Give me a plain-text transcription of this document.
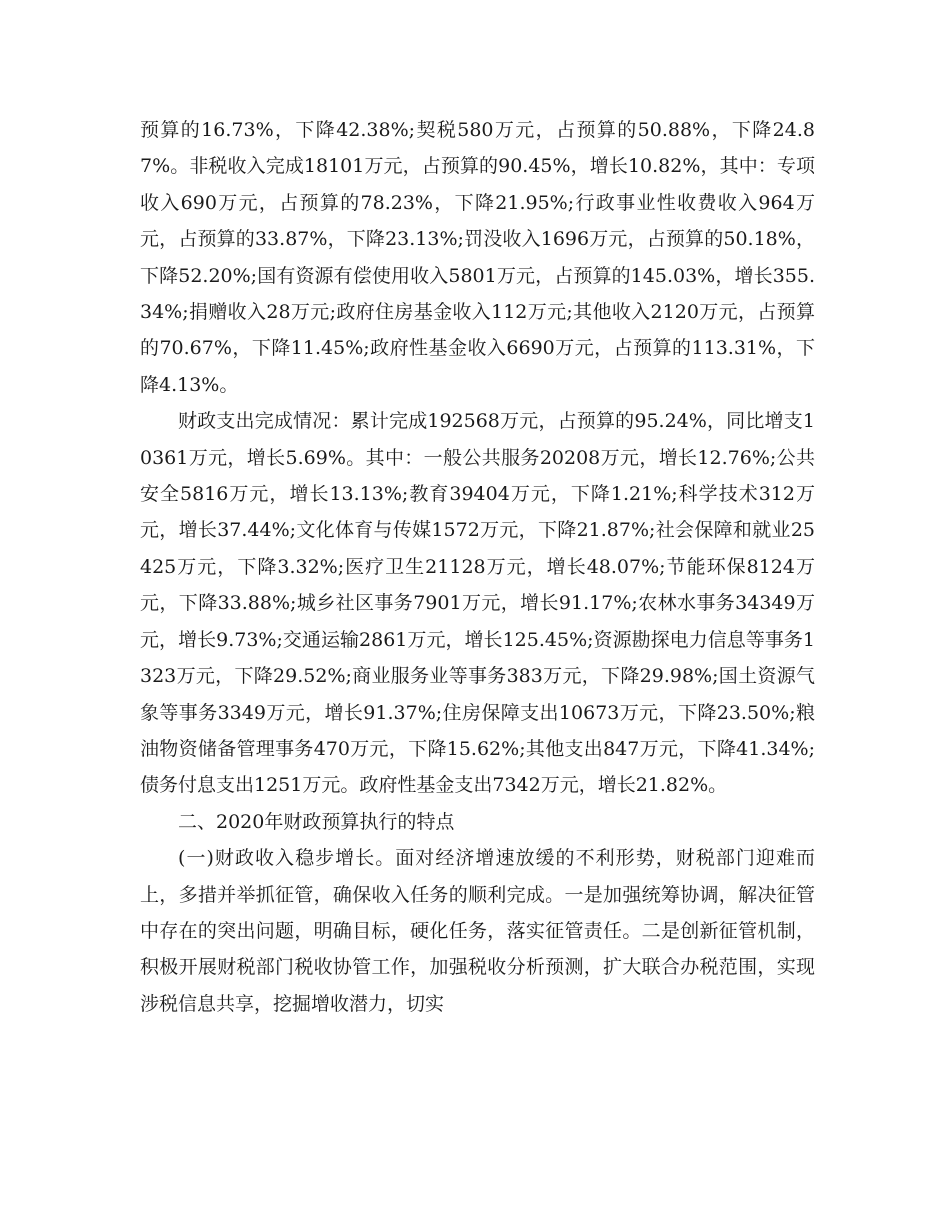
预算的16.73%，下降42.38%;契税580万元，占预算的50.88%，下降24.87%。非税收入完成18101万元，占预算的90.45%，增长10.82%，其中：专项收入690万元，占预算的78.23%，下降21.95%;行政事业性收费收入964万元，占预算的33.87%，下降23.13%;罚没收入1696万元，占预算的50.18%，下降52.20%;国有资源有偿使用收入5801万元，占预算的145.03%，增长355.34%;捐赠收入28万元;政府住房基金收入112万元;其他收入2120万元，占预算的70.67%，下降11.45%;政府性基金收入6690万元，占预算的113.31%，下降4.13%。

财政支出完成情况：累计完成192568万元，占预算的95.24%，同比增支10361万元，增长5.69%。其中：一般公共服务20208万元，增长12.76%;公共安全5816万元，增长13.13%;教育39404万元，下降1.21%;科学技术312万元，增长37.44%;文化体育与传媒1572万元，下降21.87%;社会保障和就业25425万元，下降3.32%;医疗卫生21128万元，增长48.07%;节能环保8124万元，下降33.88%;城乡社区事务7901万元，增长91.17%;农林水事务34349万元，增长9.73%;交通运输2861万元，增长125.45%;资源勘探电力信息等事务1323万元，下降29.52%;商业服务业等事务383万元，下降29.98%;国土资源气象等事务3349万元，增长91.37%;住房保障支出10673万元，下降23.50%;粮油物资储备管理事务470万元，下降15.62%;其他支出847万元，下降41.34%;债务付息支出1251万元。政府性基金支出7342万元，增长21.82%。

二、2020年财政预算执行的特点

(一)财政收入稳步增长。面对经济增速放缓的不利形势，财税部门迎难而上，多措并举抓征管，确保收入任务的顺利完成。一是加强统筹协调，解决征管中存在的突出问题，明确目标，硬化任务，落实征管责任。二是创新征管机制，积极开展财税部门税收协管工作，加强税收分析预测，扩大联合办税范围，实现涉税信息共享，挖掘增收潜力，切实
